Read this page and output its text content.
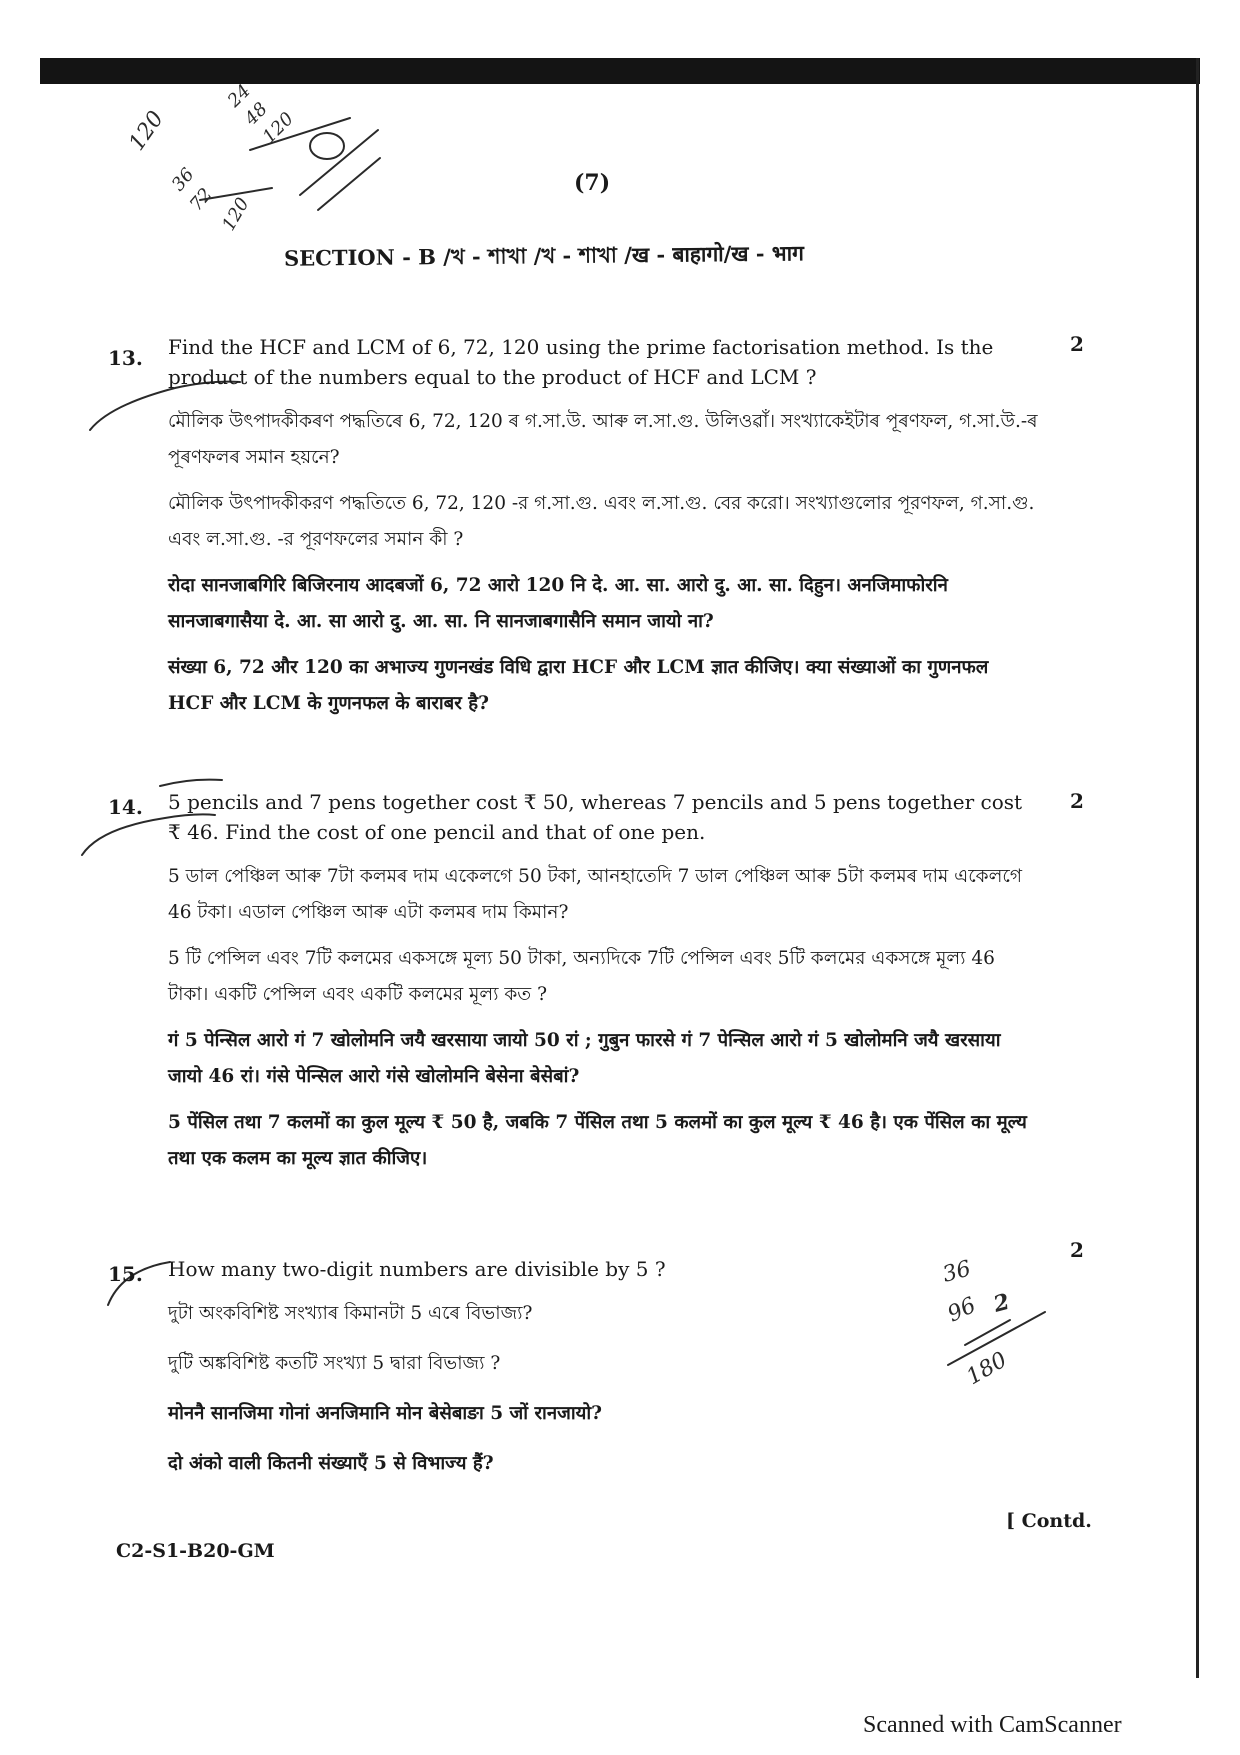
120
24
48
120
36
72 120
36
96 2
180
(7)
SECTION - B /খ - শাখা /খ - শাখা /ख - बाहागो/ख - भाग
13.
2

Find the HCF and LCM of 6, 72, 120 using the prime factorisation method. Is the

product of the numbers equal to the product of HCF and LCM ?

মৌলিক উৎপাদকীকৰণ পদ্ধতিৰে 6, 72, 120 ৰ গ.সা.উ. আৰু ল.সা.গু. উলিওৱাঁ। সংখ্যাকেইটাৰ পূৰণফল, গ.সা.উ.-ৰ পূৰণফলৰ সমান হয়নে?

মৌলিক উৎপাদকীকরণ পদ্ধতিতে 6, 72, 120 -র গ.সা.গু. এবং ল.সা.গু. বের করো। সংখ্যাগুলোর পূরণফল, গ.সা.গু. এবং ল.সা.গু. -র পূরণফলের সমান কী ?

रोदा सानजाबगिरि बिजिरनाय आदबजों 6, 72 आरो 120 नि दे. आ. सा. आरो दु. आ. सा. दिहुन। अनजिमाफोरनि सानजाबगासैया दे. आ. सा आरो दु. आ. सा. नि सानजाबगासैनि समान जायो ना?

संख्या 6, 72 और 120 का अभाज्य गुणनखंड विधि द्वारा HCF और LCM ज्ञात कीजिए। क्या संख्याओं का गुणनफल HCF और LCM के गुणनफल के बाराबर है?

14.	2

5 pencils and 7 pens together cost ₹ 50, whereas 7 pencils and 5 pens together cost

₹ 46. Find the cost of one pencil and that of one pen.

5 ডাল পেঞ্চিল আৰু 7টা কলমৰ দাম একেলগে 50 টকা, আনহাতেদি 7 ডাল পেঞ্চিল আৰু 5টা কলমৰ দাম একেলগে 46 টকা। এডাল পেঞ্চিল আৰু এটা কলমৰ দাম কিমান?

5 টি পেন্সিল এবং 7টি কলমের একসঙ্গে মূল্য 50 টাকা, অন্যদিকে 7টি পেন্সিল এবং 5টি কলমের একসঙ্গে মূল্য 46 টাকা। একটি পেন্সিল এবং একটি কলমের মূল্য কত ?

गं 5 पेन्सिल आरो गं 7 खोलोमनि जयै खरसाया जायो 50 रां ; गुबुन फारसे गं 7 पेन्सिल आरो गं 5 खोलोमनि जयै खरसाया जायो 46 रां। गंसे पेन्सिल आरो गंसे खोलोमनि बेसेना बेसेबां?

5 पेंसिल तथा 7 कलमों का कुल मूल्य ₹ 50 है, जबकि 7 पेंसिल तथा 5 कलमों का कुल मूल्य ₹ 46 है। एक पेंसिल का मूल्य तथा एक कलम का मूल्य ज्ञात कीजिए।

15.
2

How many two-digit numbers are divisible by 5 ?

দুটা অংকবিশিষ্ট সংখ্যাৰ কিমানটা 5 এৰে বিভাজ্য?

দুটি অঙ্কবিশিষ্ট কতটি সংখ্যা 5 দ্বারা বিভাজ্য ?

मोननै सानजिमा गोनां अनजिमानि मोन बेसेबाङा 5 जों रानजायो?

दो अंको वाली कितनी संख्याएँ 5 से विभाज्य हैं?

[ Contd.
C2-S1-B20-GM
Scanned with CamScanner
